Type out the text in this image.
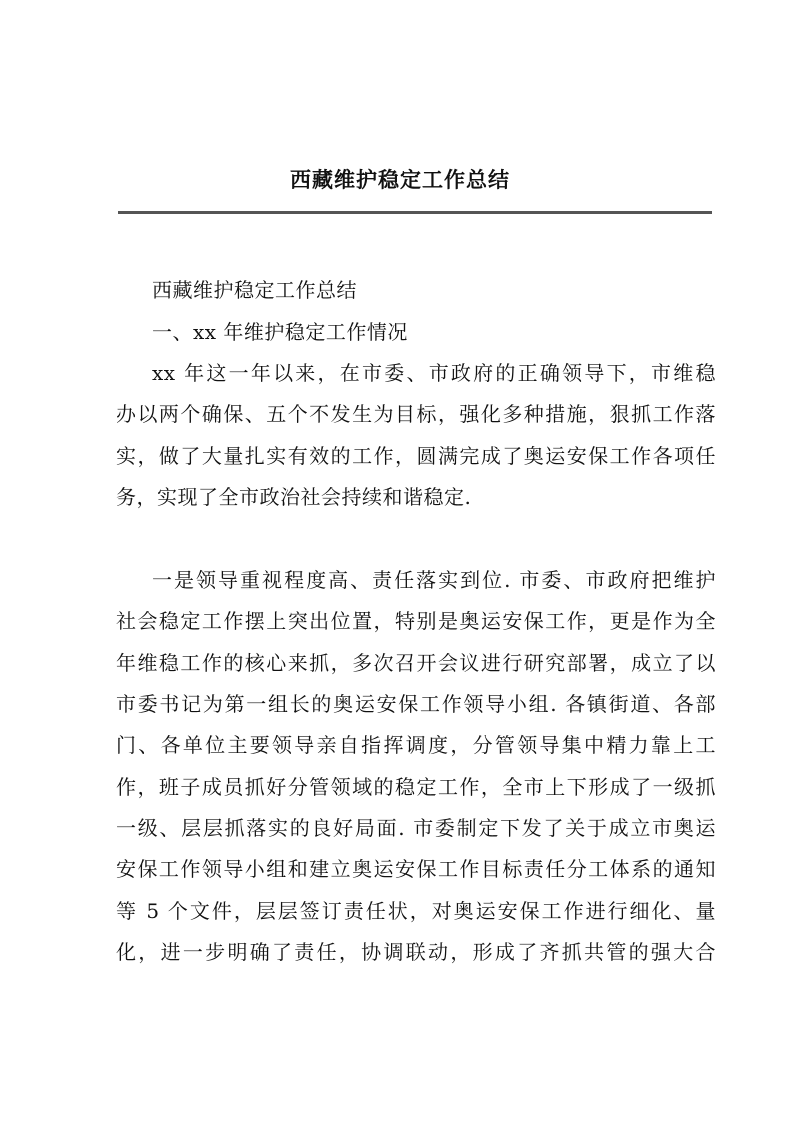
西藏维护稳定工作总结
西藏维护稳定工作总结
一、xx 年维护稳定工作情况
xx 年这一年以来，在市委、市政府的正确领导下，市维稳
办以两个确保、五个不发生为目标，强化多种措施，狠抓工作落
实，做了大量扎实有效的工作，圆满完成了奥运安保工作各项任
务，实现了全市政治社会持续和谐稳定.
一是领导重视程度高、责任落实到位. 市委、市政府把维护
社会稳定工作摆上突出位置，特别是奥运安保工作，更是作为全
年维稳工作的核心来抓，多次召开会议进行研究部署，成立了以
市委书记为第一组长的奥运安保工作领导小组. 各镇街道、各部
门、各单位主要领导亲自指挥调度，分管领导集中精力靠上工
作，班子成员抓好分管领域的稳定工作，全市上下形成了一级抓
一级、层层抓落实的良好局面. 市委制定下发了关于成立市奥运
安保工作领导小组和建立奥运安保工作目标责任分工体系的通知
等 5 个文件，层层签订责任状，对奥运安保工作进行细化、量
化，进一步明确了责任，协调联动，形成了齐抓共管的强大合
